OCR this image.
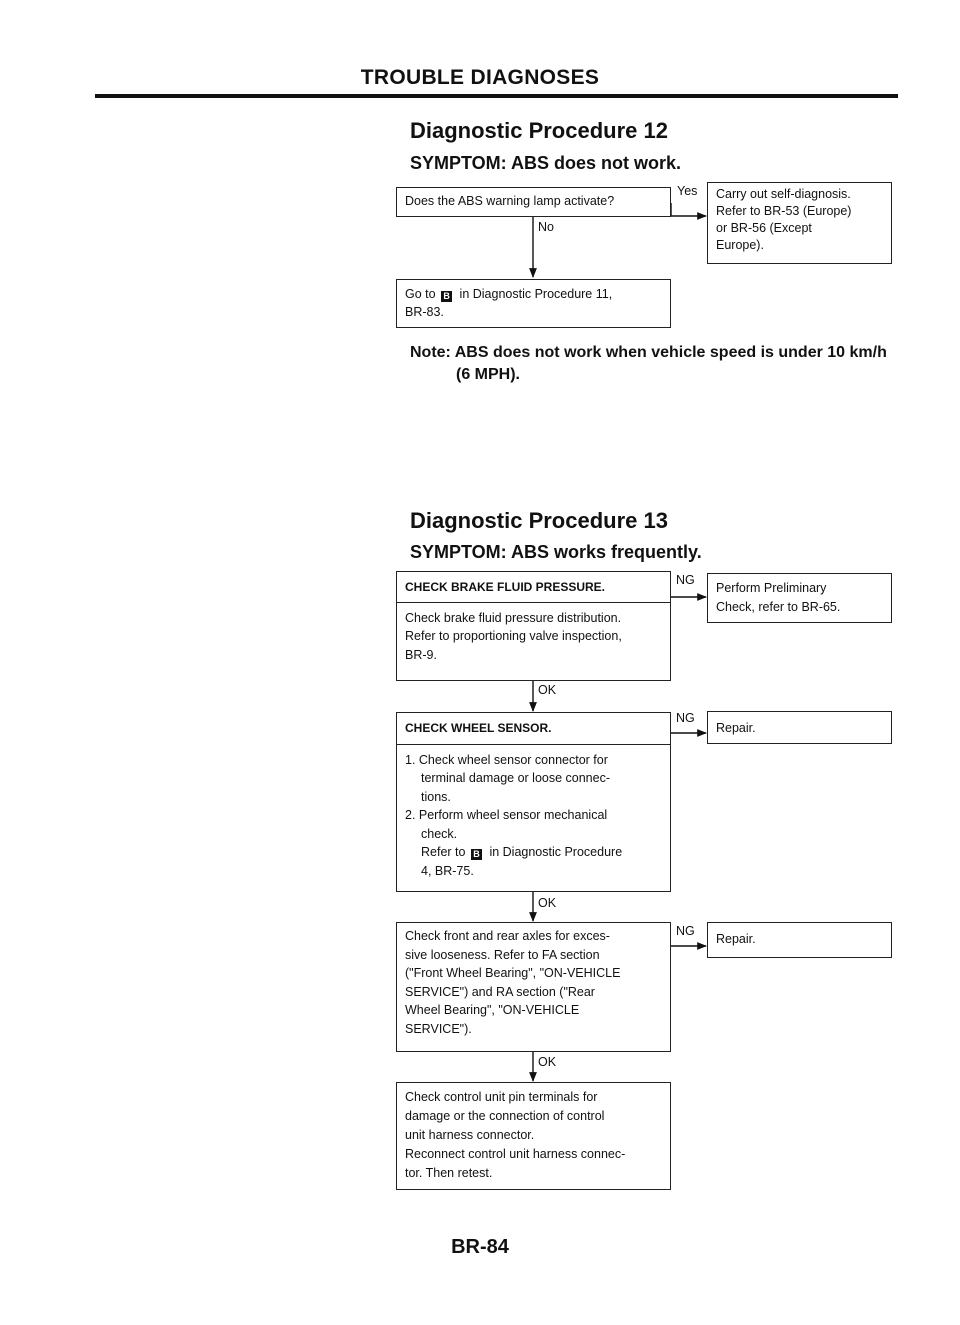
TROUBLE DIAGNOSES
Diagnostic Procedure 12
SYMPTOM: ABS does not work.
Does the ABS warning lamp activate?
Yes
No
Carry out self-diagnosis.
Refer to BR-53 (Europe)
or BR-56 (Except
Europe).
Go to B in Diagnostic Procedure 11,
BR-83.
Note: ABS does not work when vehicle speed is under 10 km/h
(6 MPH).
Diagnostic Procedure 13
SYMPTOM: ABS works frequently.
CHECK BRAKE FLUID PRESSURE.
Check brake fluid pressure distribution.
Refer to proportioning valve inspection,
BR-9.
NG
Perform Preliminary
Check, refer to BR-65.
OK
CHECK WHEEL SENSOR.
1. Check wheel sensor connector for
terminal damage or loose connec-
tions.
2. Perform wheel sensor mechanical
check.
Refer to B in Diagnostic Procedure
4, BR-75.
NG
Repair.
OK
Check front and rear axles for exces-
sive looseness. Refer to FA section
("Front Wheel Bearing", "ON-VEHICLE
SERVICE") and RA section ("Rear
Wheel Bearing", "ON-VEHICLE
SERVICE").
NG
Repair.
OK
Check control unit pin terminals for
damage or the connection of control
unit harness connector.
Reconnect control unit harness connec-
tor. Then retest.
BR-84
